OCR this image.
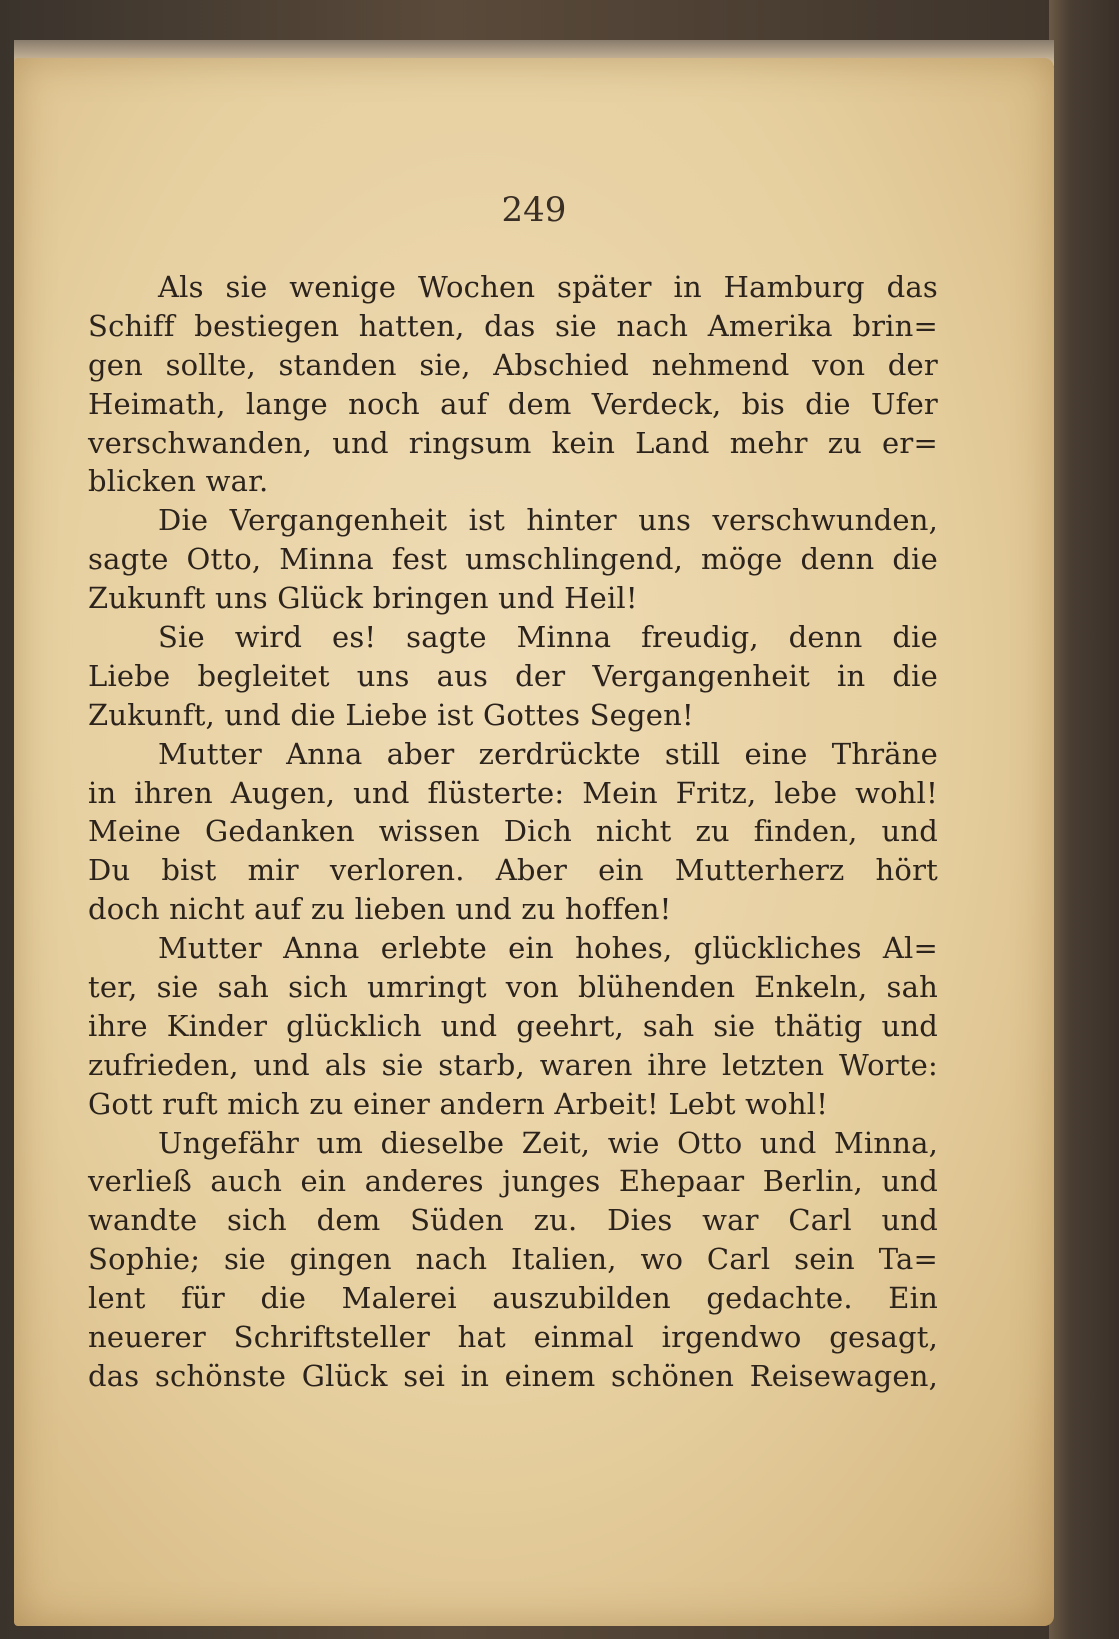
249
Als sie wenige Wochen später in Hamburg das
Schiff bestiegen hatten, das sie nach Amerika brin=
gen sollte, standen sie, Abschied nehmend von der
Heimath, lange noch auf dem Verdeck, bis die Ufer
verschwanden, und ringsum kein Land mehr zu er=
blicken war.
Die Vergangenheit ist hinter uns verschwunden,
sagte Otto, Minna fest umschlingend, möge denn die
Zukunft uns Glück bringen und Heil!
Sie wird es! sagte Minna freudig, denn die
Liebe begleitet uns aus der Vergangenheit in die
Zukunft, und die Liebe ist Gottes Segen!
Mutter Anna aber zerdrückte still eine Thräne
in ihren Augen, und flüsterte: Mein Fritz, lebe wohl!
Meine Gedanken wissen Dich nicht zu finden, und
Du bist mir verloren. Aber ein Mutterherz hört
doch nicht auf zu lieben und zu hoffen!
Mutter Anna erlebte ein hohes, glückliches Al=
ter, sie sah sich umringt von blühenden Enkeln, sah
ihre Kinder glücklich und geehrt, sah sie thätig und
zufrieden, und als sie starb, waren ihre letzten Worte:
Gott ruft mich zu einer andern Arbeit! Lebt wohl!
Ungefähr um dieselbe Zeit, wie Otto und Minna,
verließ auch ein anderes junges Ehepaar Berlin, und
wandte sich dem Süden zu. Dies war Carl und
Sophie; sie gingen nach Italien, wo Carl sein Ta=
lent für die Malerei auszubilden gedachte. Ein
neuerer Schriftsteller hat einmal irgendwo gesagt,
das schönste Glück sei in einem schönen Reisewagen,
